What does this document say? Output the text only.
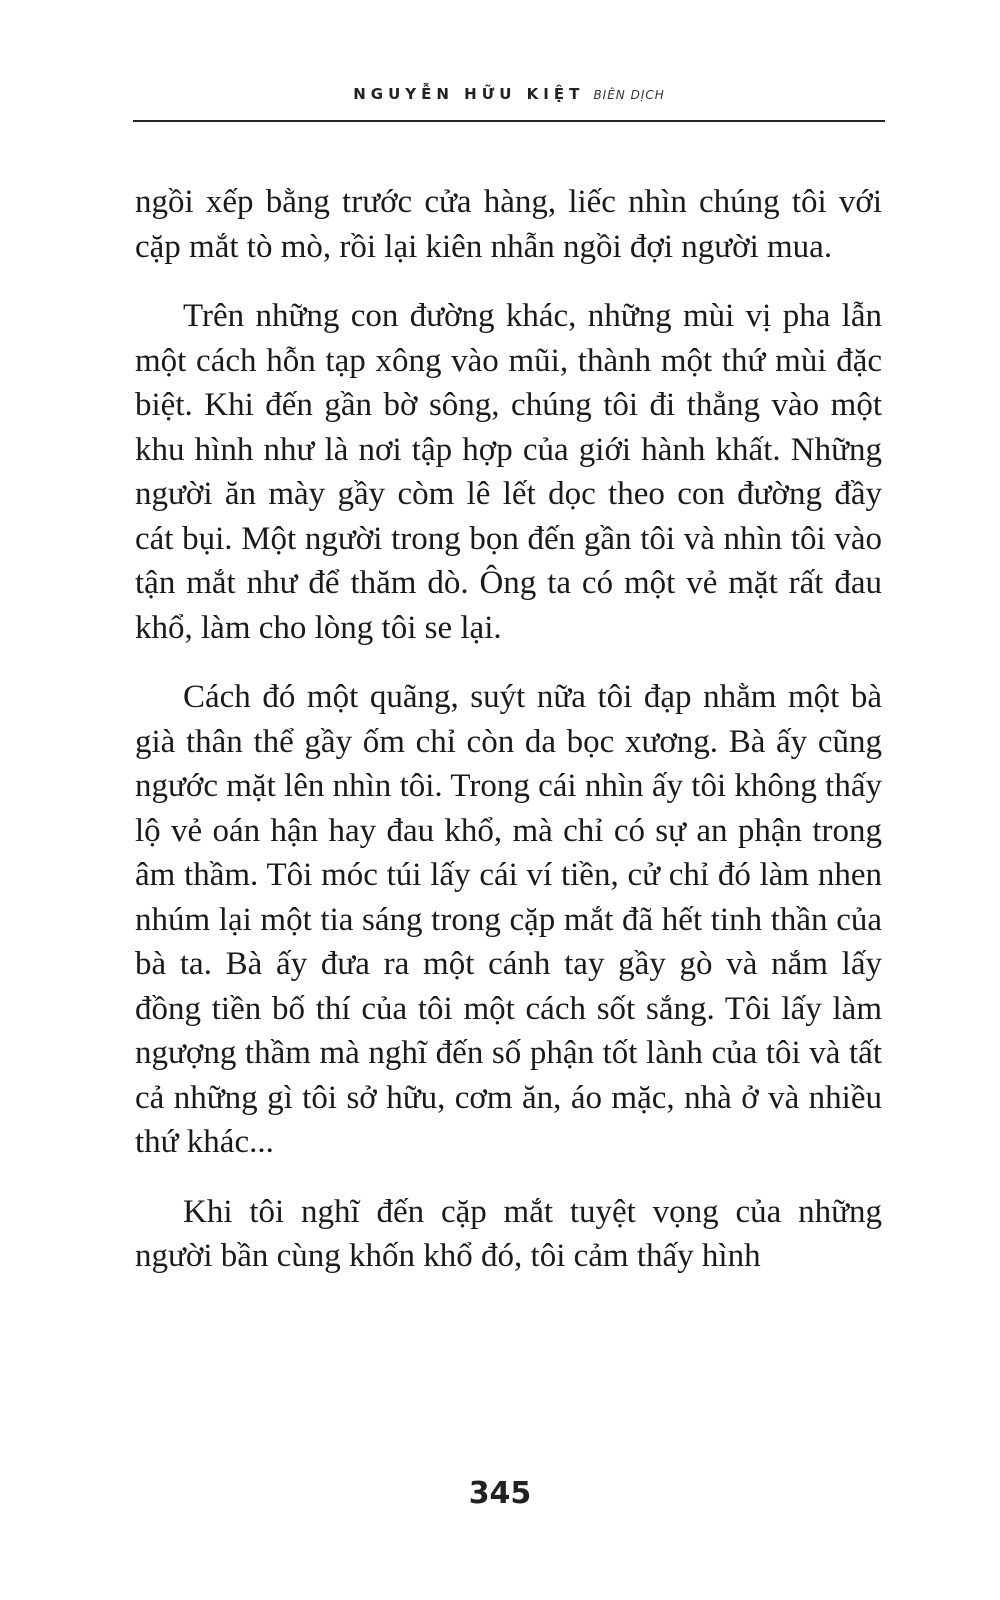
NGUYỄN HỮU KIỆT BIÊN DỊCH

ngồi xếp bằng trước cửa hàng, liếc nhìn chúng tôi với cặp mắt tò mò, rồi lại kiên nhẫn ngồi đợi người mua.

Trên những con đường khác, những mùi vị pha lẫn một cách hỗn tạp xông vào mũi, thành một thứ mùi đặc biệt. Khi đến gần bờ sông, chúng tôi đi thẳng vào một khu hình như là nơi tập hợp của giới hành khất. Những người ăn mày gầy còm lê lết dọc theo con đường đầy cát bụi. Một người trong bọn đến gần tôi và nhìn tôi vào tận mắt như để thăm dò. Ông ta có một vẻ mặt rất đau khổ, làm cho lòng tôi se lại.

Cách đó một quãng, suýt nữa tôi đạp nhằm một bà già thân thể gầy ốm chỉ còn da bọc xương. Bà ấy cũng ngước mặt lên nhìn tôi. Trong cái nhìn ấy tôi không thấy lộ vẻ oán hận hay đau khổ, mà chỉ có sự an phận trong âm thầm. Tôi móc túi lấy cái ví tiền, cử chỉ đó làm nhen nhúm lại một tia sáng trong cặp mắt đã hết tinh thần của bà ta. Bà ấy đưa ra một cánh tay gầy gò và nắm lấy đồng tiền bố thí của tôi một cách sốt sắng. Tôi lấy làm ngượng thầm mà nghĩ đến số phận tốt lành của tôi và tất cả những gì tôi sở hữu, cơm ăn, áo mặc, nhà ở và nhiều thứ khác...

Khi tôi nghĩ đến cặp mắt tuyệt vọng của những người bần cùng khốn khổ đó, tôi cảm thấy hình

345
